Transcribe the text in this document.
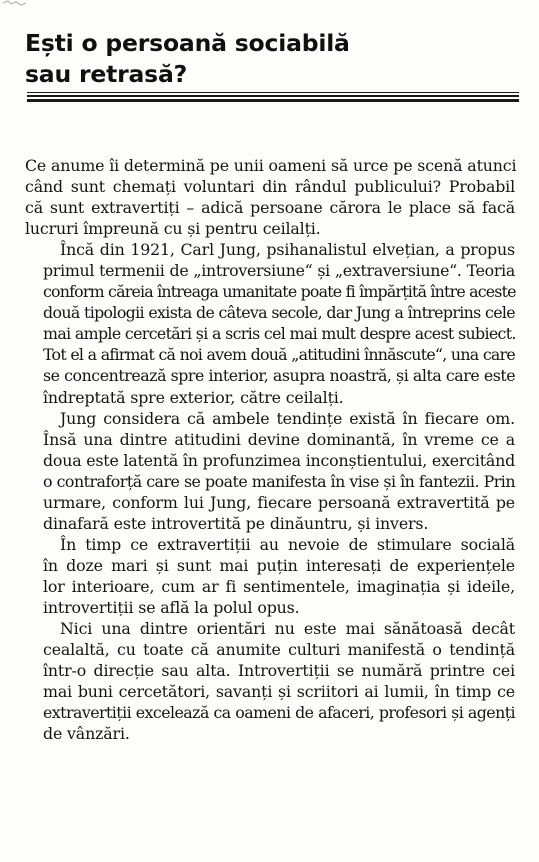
Ești o persoană sociabilă
sau retrasă?

Ce anume îi determină pe unii oameni să urce pe scenă atunci
când sunt chemați voluntari din rândul publicului? Probabil
că sunt extravertiți – adică persoane cărora le place să facă
lucruri împreună cu și pentru ceilalți.

Încă din 1921, Carl Jung, psihanalistul elvețian, a propus
primul termenii de „introversiune“ și „extraversiune“. Teoria
conform căreia întreaga umanitate poate fi împărțită între aceste
două tipologii exista de câteva secole, dar Jung a întreprins cele
mai ample cercetări și a scris cel mai mult despre acest subiect.
Tot el a afirmat că noi avem două „atitudini înnăscute“, una care
se concentrează spre interior, asupra noastră, și alta care este
îndreptată spre exterior, către ceilalți.

Jung considera că ambele tendințe există în fiecare om.
Însă una dintre atitudini devine dominantă, în vreme ce a
doua este latentă în profunzimea inconștientului, exercitând
o contraforță care se poate manifesta în vise și în fantezii. Prin
urmare, conform lui Jung, fiecare persoană extravertită pe
dinafară este introvertită pe dinăuntru, și invers.

În timp ce extravertiții au nevoie de stimulare socială
în doze mari și sunt mai puțin interesați de experiențele
lor interioare, cum ar fi sentimentele, imaginația și ideile,
introvertiții se află la polul opus.

Nici una dintre orientări nu este mai sănătoasă decât
cealaltă, cu toate că anumite culturi manifestă o tendință
într-o direcție sau alta. Introvertiții se numără printre cei
mai buni cercetători, savanți și scriitori ai lumii, în timp ce
extravertiții excelează ca oameni de afaceri, profesori și agenți
de vânzări.
